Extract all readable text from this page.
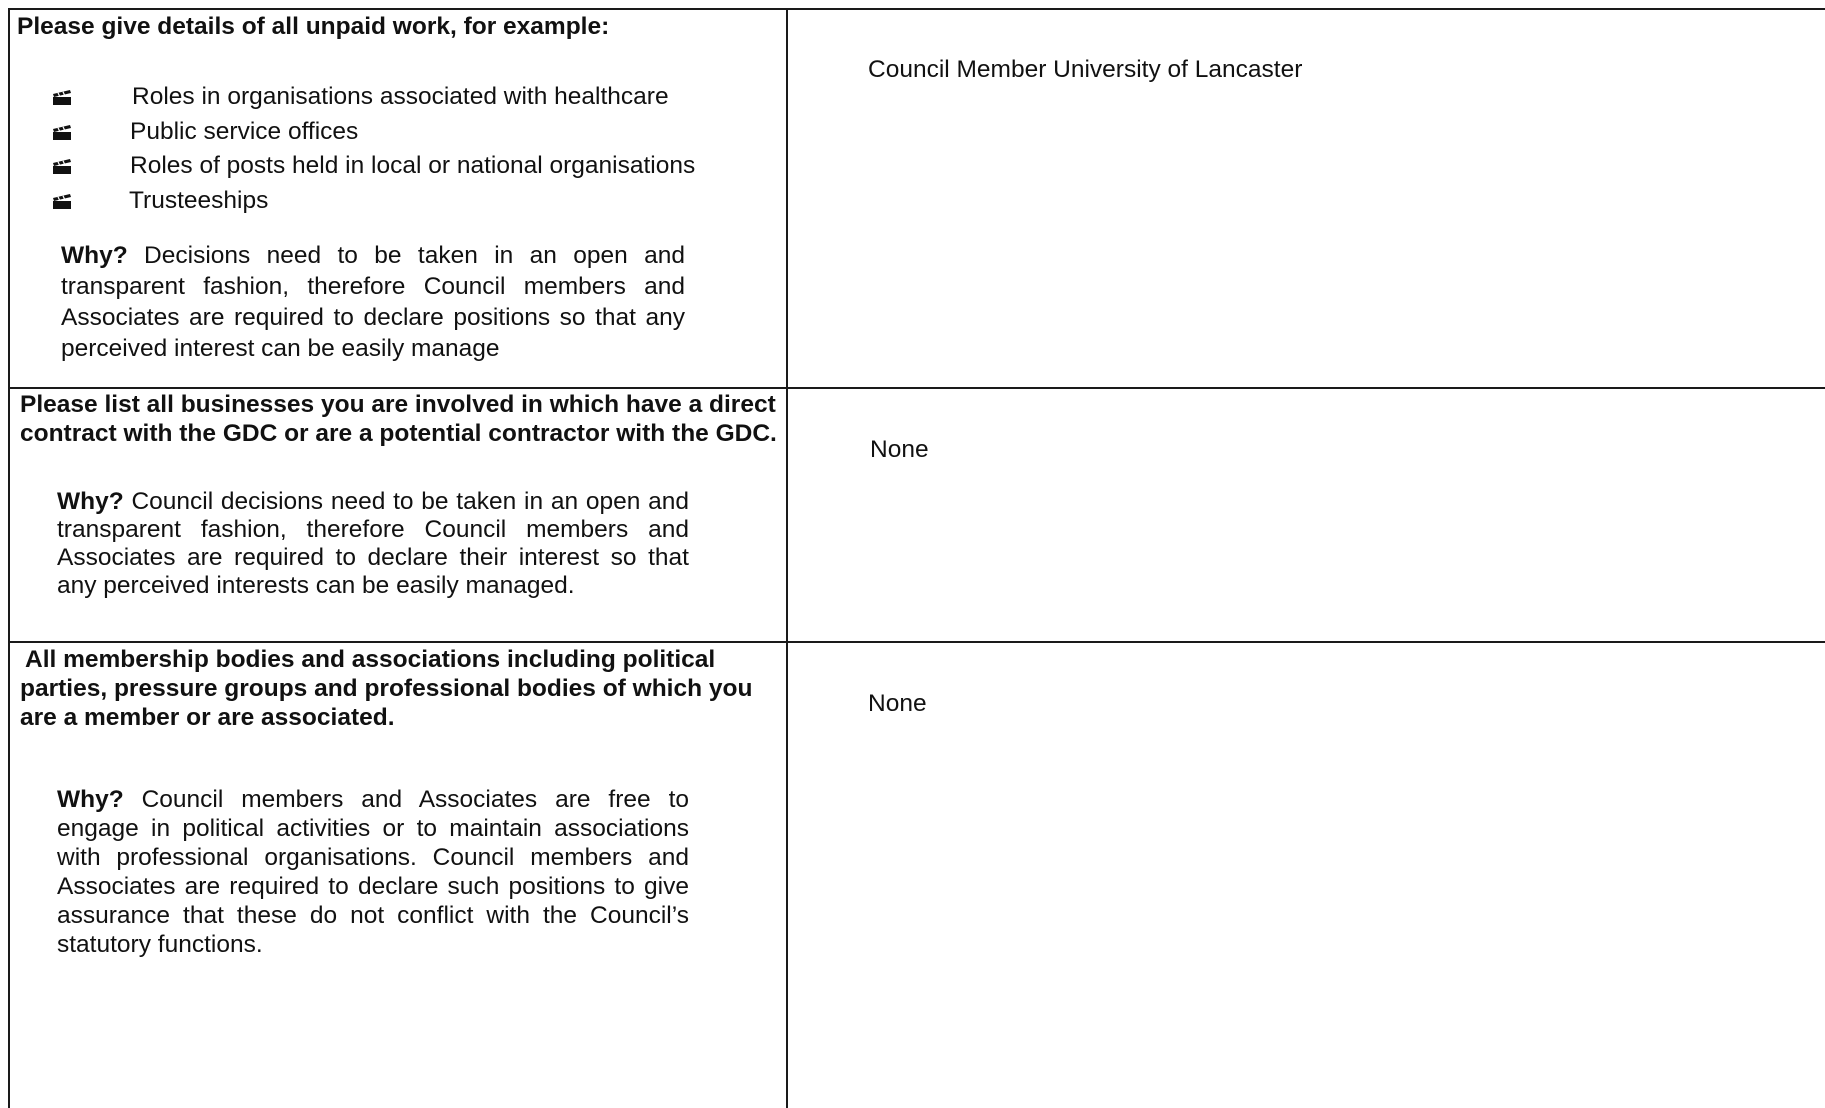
Please give details of all unpaid work, for example:

Roles in organisations associated with healthcare
Public service offices
Roles of posts held in local or national organisations
Trusteeships

Why? Decisions need to be taken in an open and transparent fashion, therefore Council members and Associates are required to declare positions so that any perceived interest can be easily manage

Council Member University of Lancaster

Please list all businesses you are involved in which have a direct contract with the GDC or are a potential contractor with the GDC.

Why? Council decisions need to be taken in an open and transparent fashion, therefore Council members and Associates are required to declare their interest so that any perceived interests can be easily managed.

None

All membership bodies and associations including political parties, pressure groups and professional bodies of which you are a member or are associated.

Why? Council members and Associates are free to engage in political activities or to maintain associations with professional organisations. Council members and Associates are required to declare such positions to give assurance that these do not conflict with the Council’s statutory functions.

None
